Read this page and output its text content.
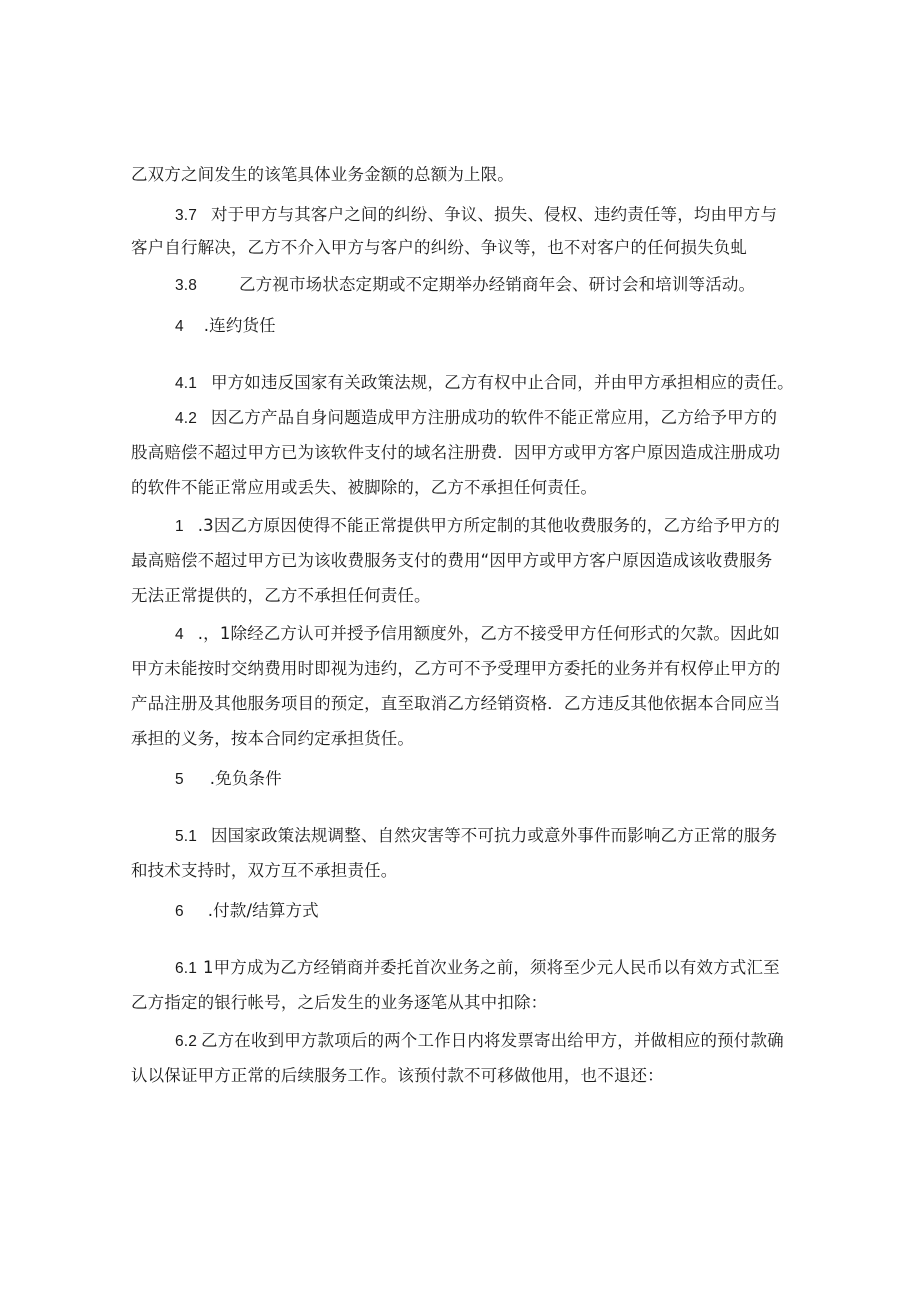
乙双方之间发生的该笔具体业务金额的总额为上限。
3.7 对于甲方与其客户之间的纠纷、争议、损失、侵权、违约责任等，均由甲方与
客户自行解决，乙方不介入甲方与客户的纠纷、争议等，也不对客户的任何损失负虬
3.8	乙方视市场状态定期或不定期举办经销商年会、研讨会和培训等活动。
4 .连约货任
4.1 甲方如违反国家有关政策法规，乙方有权中止合同，并由甲方承担相应的责任。
4.2 因乙方产品自身问题造成甲方注册成功的软件不能正常应用，乙方给予甲方的
股高赔偿不超过甲方已为该软件支付的域名注册费．因甲方或甲方客户原因造成注册成功
的软件不能正常应用或丢失、被脚除的，乙方不承担任何责任。
1 .3因乙方原因使得不能正常提供甲方所定制的其他收费服务的，乙方给予甲方的
最高赔偿不超过甲方已为该收费服务支付的费用“因甲方或甲方客户原因造成该收费服务
无法正常提供的，乙方不承担任何责任。
4 .，1除经乙方认可并授予信用额度外，乙方不接受甲方任何形式的欠款。因此如
甲方未能按时交纳费用时即视为违约，乙方可不予受理甲方委托的业务并有权停止甲方的
产品注册及其他服务项目的预定，直至取消乙方经销资格．乙方违反其他依据本合同应当
承担的义务，按本合同约定承担货任。
5 .免负条件
5.1 因国家政策法规调整、自然灾害等不可抗力或意外事件而影响乙方正常的服务
和技术支持时，双方互不承担责任。
6 .付款/结算方式
6.1 1甲方成为乙方经销商并委托首次业务之前，须将至少元人民币以有效方式汇至
乙方指定的银行帐号，之后发生的业务逐笔从其中扣除：
6.2 乙方在收到甲方款项后的两个工作日内将发票寄出给甲方，并做相应的预付款确
认以保证甲方正常的后续服务工作。该预付款不可移做他用，也不退还：
